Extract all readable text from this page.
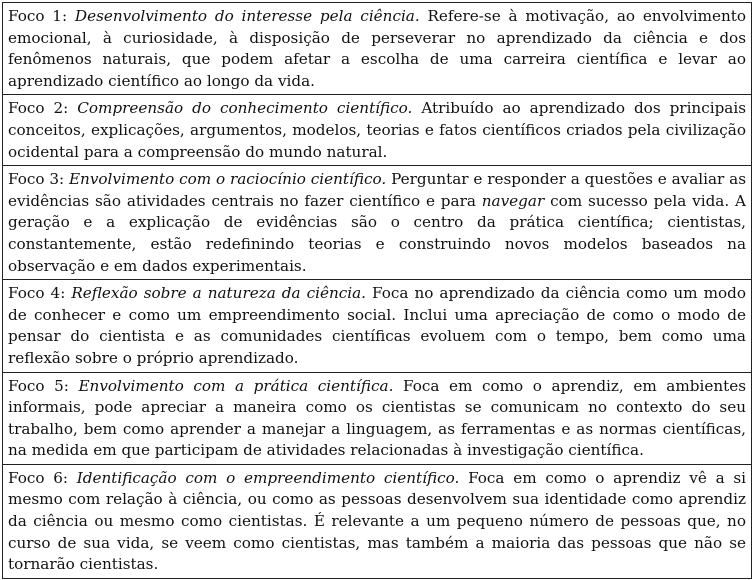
Foco 1: Desenvolvimento do interesse pela ciência. Refere-se à motivação, ao envolvimento emocional, à curiosidade, à disposição de perseverar no aprendizado da ciência e dos fenômenos naturais, que podem afetar a escolha de uma carreira científica e levar ao aprendizado científico ao longo da vida.
Foco 2: Compreensão do conhecimento científico. Atribuído ao aprendizado dos principais conceitos, explicações, argumentos, modelos, teorias e fatos científicos criados pela civilização ocidental para a compreensão do mundo natural.
Foco 3: Envolvimento com o raciocínio científico. Perguntar e responder a questões e avaliar as evidências são atividades centrais no fazer científico e para navegar com sucesso pela vida. A geração e a explicação de evidências são o centro da prática científica; cientistas, constantemente, estão redefinindo teorias e construindo novos modelos baseados na observação e em dados experimentais.
Foco 4: Reflexão sobre a natureza da ciência. Foca no aprendizado da ciência como um modo de conhecer e como um empreendimento social. Inclui uma apreciação de como o modo de pensar do cientista e as comunidades científicas evoluem com o tempo, bem como uma reflexão sobre o próprio aprendizado.
Foco 5: Envolvimento com a prática científica. Foca em como o aprendiz, em ambientes informais, pode apreciar a maneira como os cientistas se comunicam no contexto do seu trabalho, bem como aprender a manejar a linguagem, as ferramentas e as normas científicas, na medida em que participam de atividades relacionadas à investigação científica.
Foco 6: Identificação com o empreendimento científico. Foca em como o aprendiz vê a si mesmo com relação à ciência, ou como as pessoas desenvolvem sua identidade como aprendiz da ciência ou mesmo como cientistas. É relevante a um pequeno número de pessoas que, no curso de sua vida, se veem como cientistas, mas também a maioria das pessoas que não se tornarão cientistas.
